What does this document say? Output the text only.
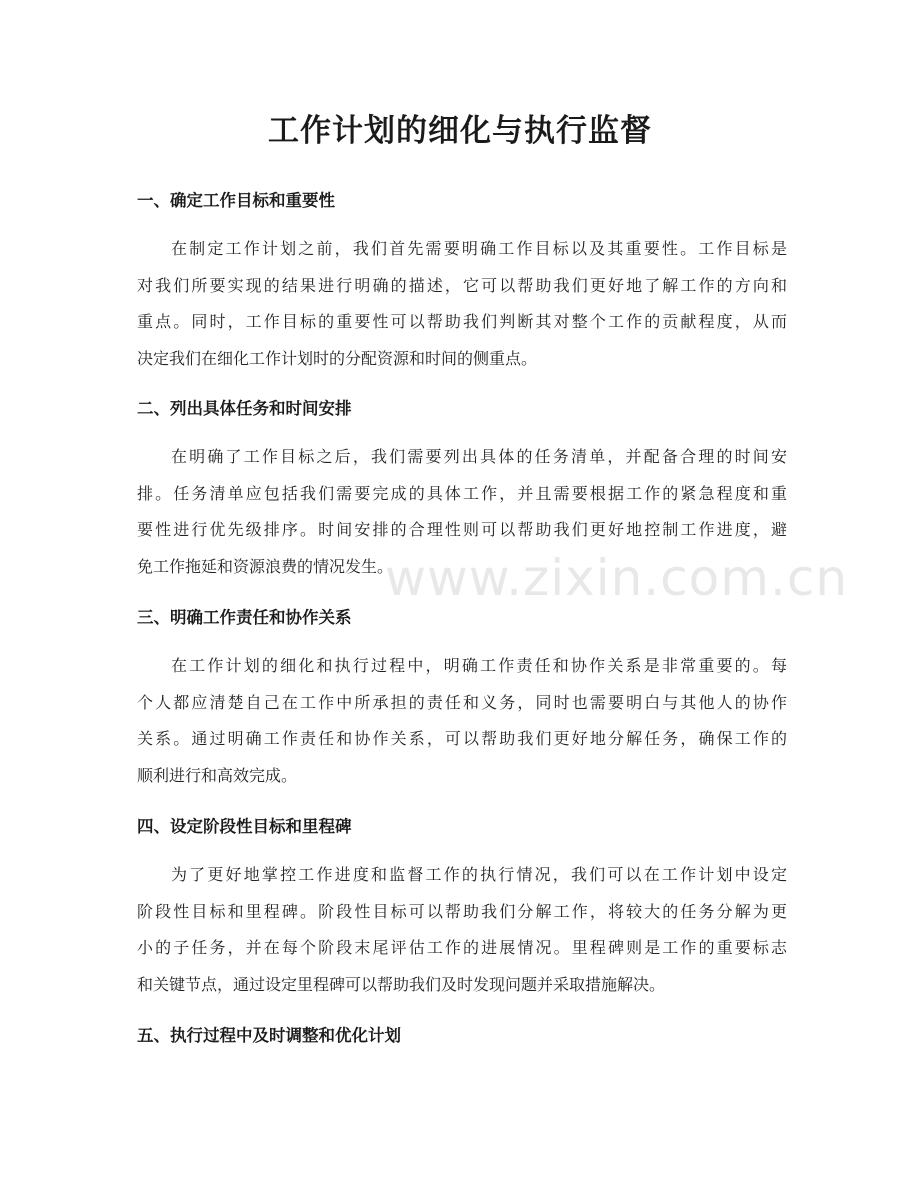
工作计划的细化与执行监督
一、确定工作目标和重要性
在制定工作计划之前，我们首先需要明确工作目标以及其重要性。工作目标是
对我们所要实现的结果进行明确的描述，它可以帮助我们更好地了解工作的方向和
重点。同时，工作目标的重要性可以帮助我们判断其对整个工作的贡献程度，从而
决定我们在细化工作计划时的分配资源和时间的侧重点。
二、列出具体任务和时间安排
在明确了工作目标之后，我们需要列出具体的任务清单，并配备合理的时间安
排。任务清单应包括我们需要完成的具体工作，并且需要根据工作的紧急程度和重
要性进行优先级排序。时间安排的合理性则可以帮助我们更好地控制工作进度，避
免工作拖延和资源浪费的情况发生。
三、明确工作责任和协作关系
在工作计划的细化和执行过程中，明确工作责任和协作关系是非常重要的。每
个人都应清楚自己在工作中所承担的责任和义务，同时也需要明白与其他人的协作
关系。通过明确工作责任和协作关系，可以帮助我们更好地分解任务，确保工作的
顺利进行和高效完成。
四、设定阶段性目标和里程碑
为了更好地掌控工作进度和监督工作的执行情况，我们可以在工作计划中设定
阶段性目标和里程碑。阶段性目标可以帮助我们分解工作，将较大的任务分解为更
小的子任务，并在每个阶段末尾评估工作的进展情况。里程碑则是工作的重要标志
和关键节点，通过设定里程碑可以帮助我们及时发现问题并采取措施解决。
五、执行过程中及时调整和优化计划
www.zixin.com.cn
